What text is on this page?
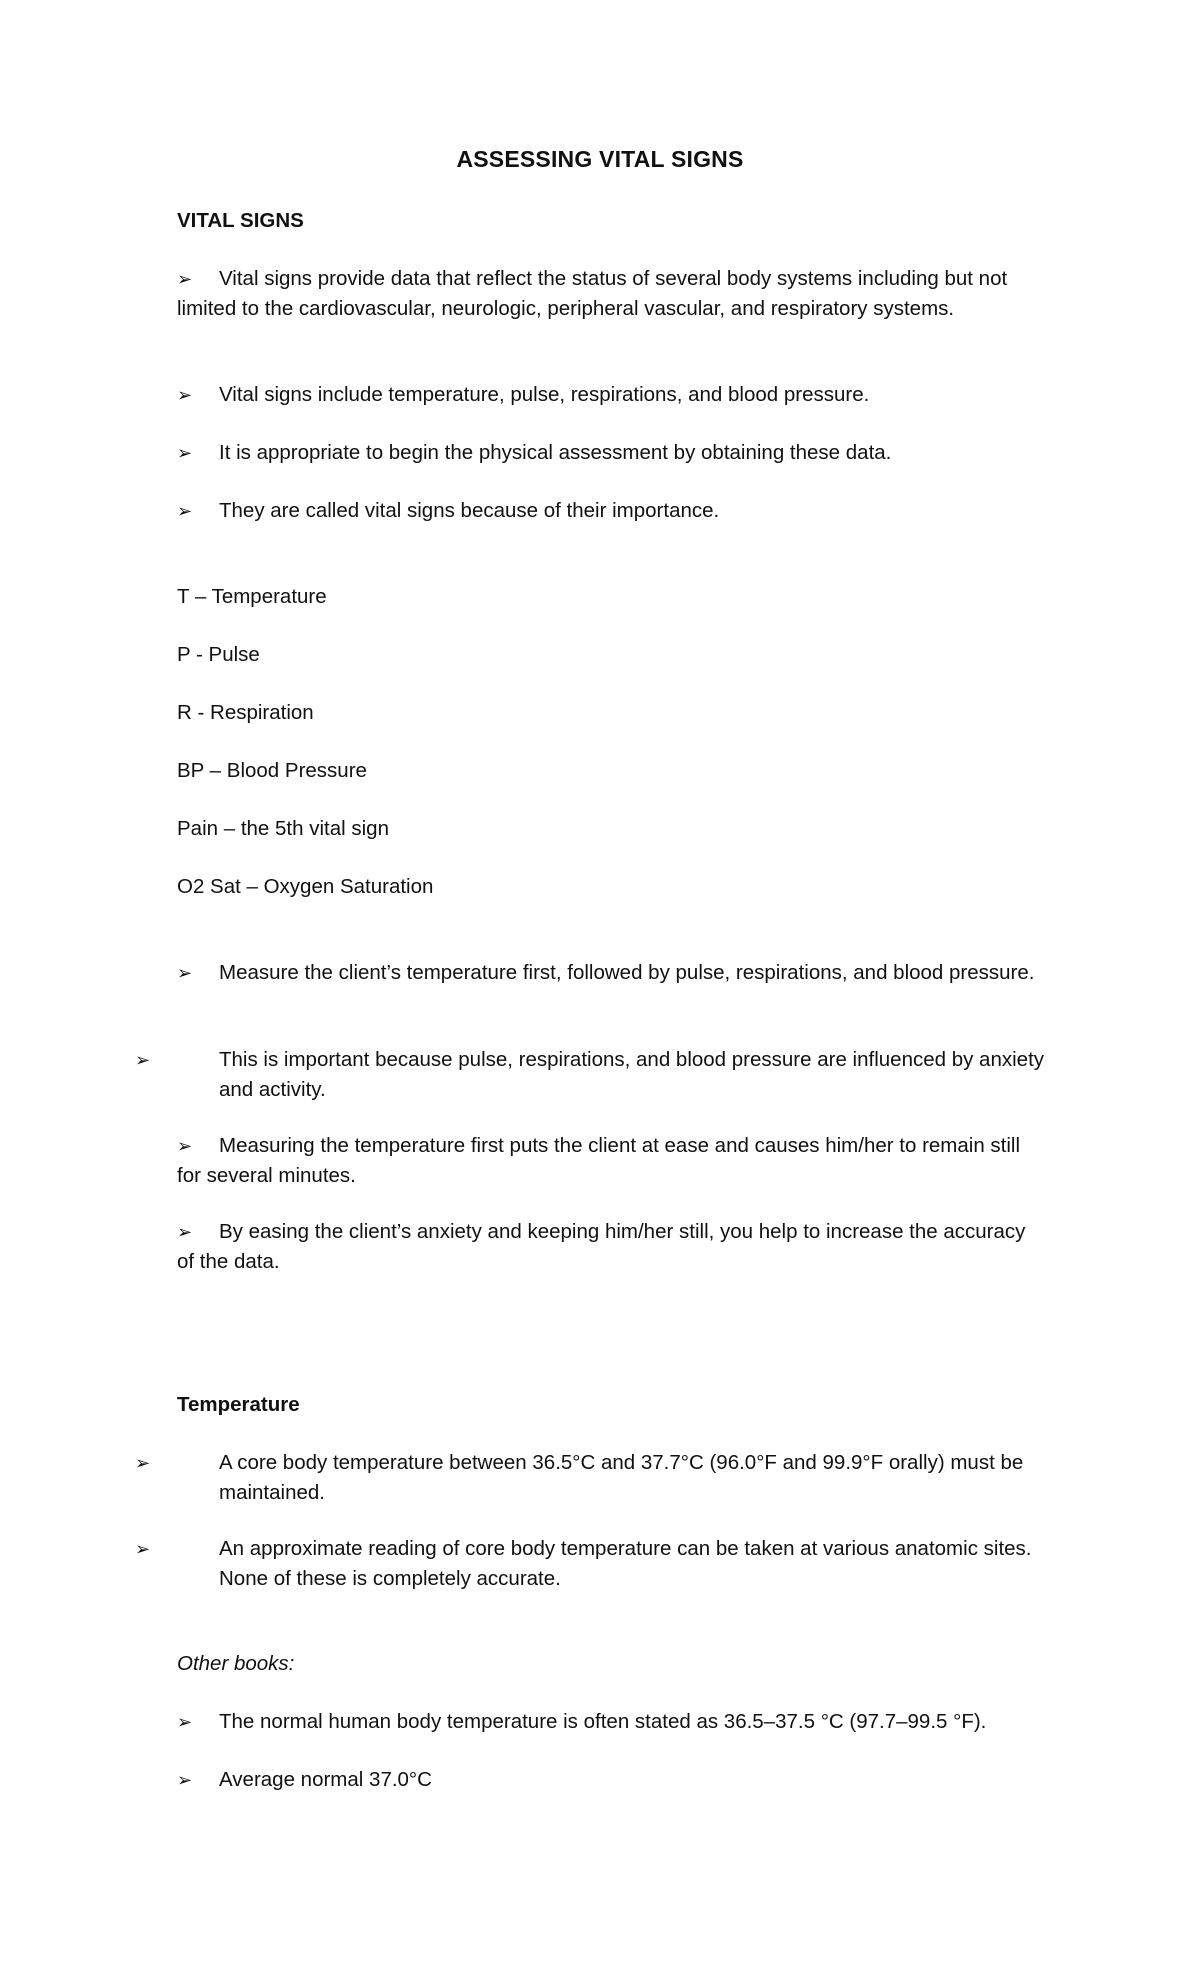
ASSESSING VITAL SIGNS
VITAL SIGNS
➢ Vital signs provide data that reflect the status of several body systems including but not limited to the cardiovascular, neurologic, peripheral vascular, and respiratory systems.
➢ Vital signs include temperature, pulse, respirations, and blood pressure.
➢ It is appropriate to begin the physical assessment by obtaining these data.
➢ They are called vital signs because of their importance.
T – Temperature
P - Pulse
R - Respiration
BP – Blood Pressure
Pain – the 5th vital sign
O2 Sat – Oxygen Saturation
➢ Measure the client’s temperature first, followed by pulse, respirations, and blood pressure.
➢	This is important because pulse, respirations, and blood pressure are influenced by anxiety and activity.
➢ Measuring the temperature first puts the client at ease and causes him/her to remain still for several minutes.
➢ By easing the client’s anxiety and keeping him/her still, you help to increase the accuracy of the data.
Temperature
➢	A core body temperature between 36.5°C and 37.7°C (96.0°F and 99.9°F orally) must be maintained.
➢	An approximate reading of core body temperature can be taken at various anatomic sites. None of these is completely accurate.
Other books:
➢ The normal human body temperature is often stated as 36.5–37.5 °C (97.7–99.5 °F).
➢ Average normal 37.0°C
